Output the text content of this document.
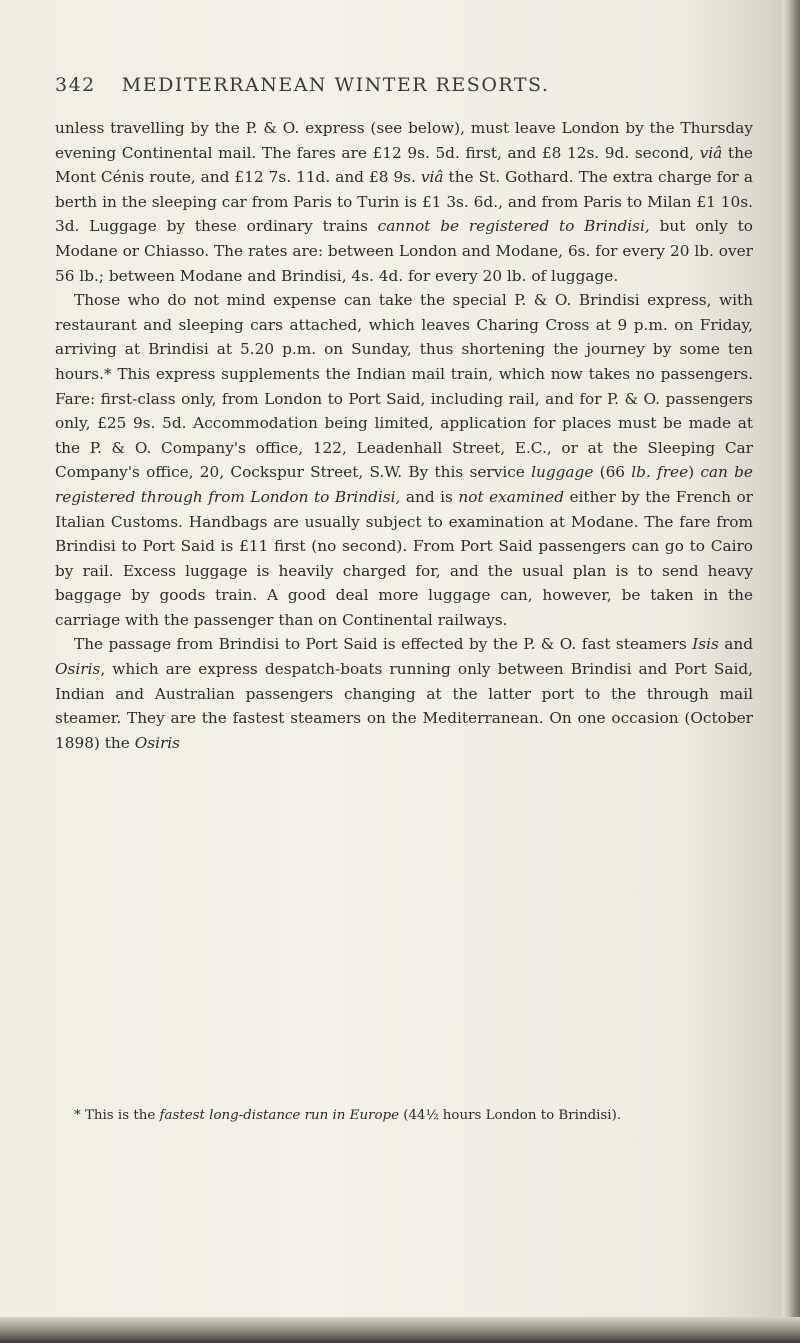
342 MEDITERRANEAN WINTER RESORTS.

unless travelling by the P. & O. express (see below), must leave London by the Thursday evening Continental mail. The fares are £12 9s. 5d. first, and £8 12s. 9d. second, viâ the Mont Cénis route, and £12 7s. 11d. and £8 9s. viâ the St. Gothard. The extra charge for a berth in the sleeping car from Paris to Turin is £1 3s. 6d., and from Paris to Milan £1 10s. 3d. Luggage by these ordinary trains cannot be registered to Brindisi, but only to Modane or Chiasso. The rates are: between London and Modane, 6s. for every 20 lb. over 56 lb.; between Modane and Brindisi, 4s. 4d. for every 20 lb. of luggage.

Those who do not mind expense can take the special P. & O. Brindisi express, with restaurant and sleeping cars attached, which leaves Charing Cross at 9 p.m. on Friday, arriving at Brindisi at 5.20 p.m. on Sunday, thus shortening the journey by some ten hours.* This express supplements the Indian mail train, which now takes no passengers. Fare: first-class only, from London to Port Said, including rail, and for P. & O. passengers only, £25 9s. 5d. Accommodation being limited, application for places must be made at the P. & O. Company's office, 122, Leadenhall Street, E.C., or at the Sleeping Car Company's office, 20, Cockspur Street, S.W. By this service luggage (66 lb. free) can be registered through from London to Brindisi, and is not examined either by the French or Italian Customs. Handbags are usually subject to examination at Modane. The fare from Brindisi to Port Said is £11 first (no second). From Port Said passengers can go to Cairo by rail. Excess luggage is heavily charged for, and the usual plan is to send heavy baggage by goods train. A good deal more luggage can, however, be taken in the carriage with the passenger than on Continental railways.

The passage from Brindisi to Port Said is effected by the P. & O. fast steamers Isis and Osiris, which are express despatch-boats running only between Brindisi and Port Said, Indian and Australian passengers changing at the latter port to the through mail steamer. They are the fastest steamers on the Mediterranean. On one occasion (October 1898) the Osiris

* This is the fastest long-distance run in Europe (44½ hours London to Brindisi).
